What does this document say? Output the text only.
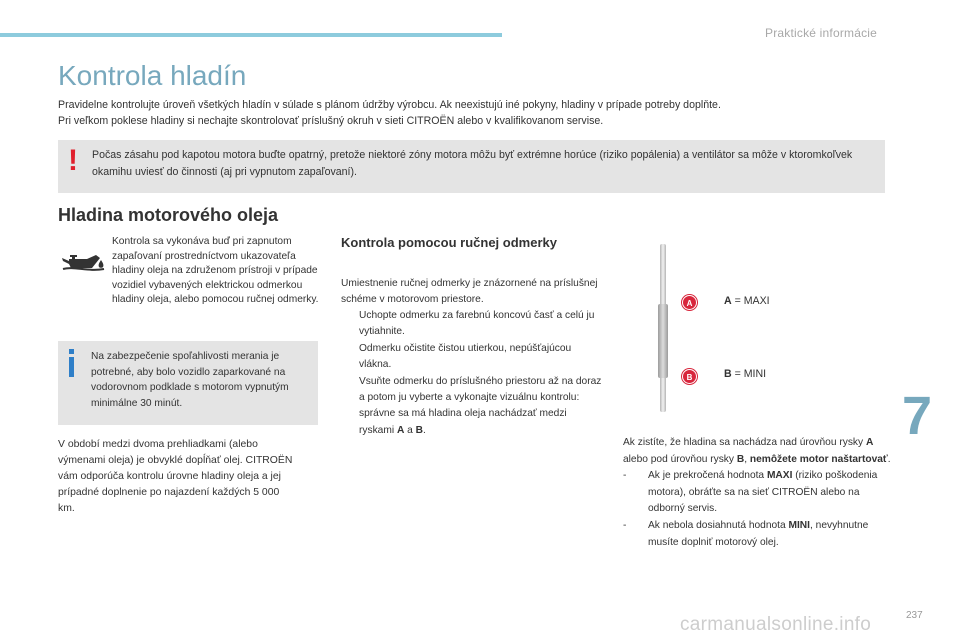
Praktické informácie
Kontrola hladín
Pravidelne kontrolujte úroveň všetkých hladín v súlade s plánom údržby výrobcu. Ak neexistujú iné pokyny, hladiny v prípade potreby doplňte.
Pri veľkom poklese hladiny si nechajte skontrolovať príslušný okruh v sieti CITROËN alebo v kvalifikovanom servise.
! Počas zásahu pod kapotou motora buďte opatrný, pretože niektoré zóny motora môžu byť extrémne horúce (riziko popálenia) a ventilátor sa môže v ktoromkoľvek okamihu uviesť do činnosti (aj pri vypnutom zapaľovaní).
Hladina motorového oleja
Kontrola sa vykonáva buď pri zapnutom zapaľovaní prostredníctvom ukazovateľa hladiny oleja na združenom prístroji v prípade vozidiel vybavených elektrickou odmerkou hladiny oleja, alebo pomocou ručnej odmerky.
Na zabezpečenie spoľahlivosti merania je potrebné, aby bolo vozidlo zaparkované na vodorovnom podklade s motorom vypnutým minimálne 30 minút.
V období medzi dvoma prehliadkami (alebo výmenami oleja) je obvyklé dopĺňať olej. CITROËN vám odporúča kontrolu úrovne hladiny oleja a jej prípadné doplnenie po najazdení každých 5 000 km.
Kontrola pomocou ručnej odmerky
Umiestnenie ručnej odmerky je znázornené na príslušnej schéme v motorovom priestore.
Uchopte odmerku za farebnú koncovú časť a celú ju vytiahnite.
Odmerku očistite čistou utierkou, nepúšťajúcou vlákna.
Vsuňte odmerku do príslušného priestoru až na doraz a potom ju vyberte a vykonajte vizuálnu kontrolu: správne sa má hladina oleja nachádzať medzi ryskami A a B.
A
B
A = MAXI
B = MINI

Ak zistíte, že hladina sa nachádza nad úrovňou rysky A alebo pod úrovňou rysky B, nemôžete motor naštartovať.

- Ak je prekročená hodnota MAXI (riziko poškodenia motora), obráťte sa na sieť CITROËN alebo na odborný servis.
- Ak nebola dosiahnutá hodnota MINI, nevyhnutne musíte doplniť motorový olej.
7
237
carmanualsonline.info
